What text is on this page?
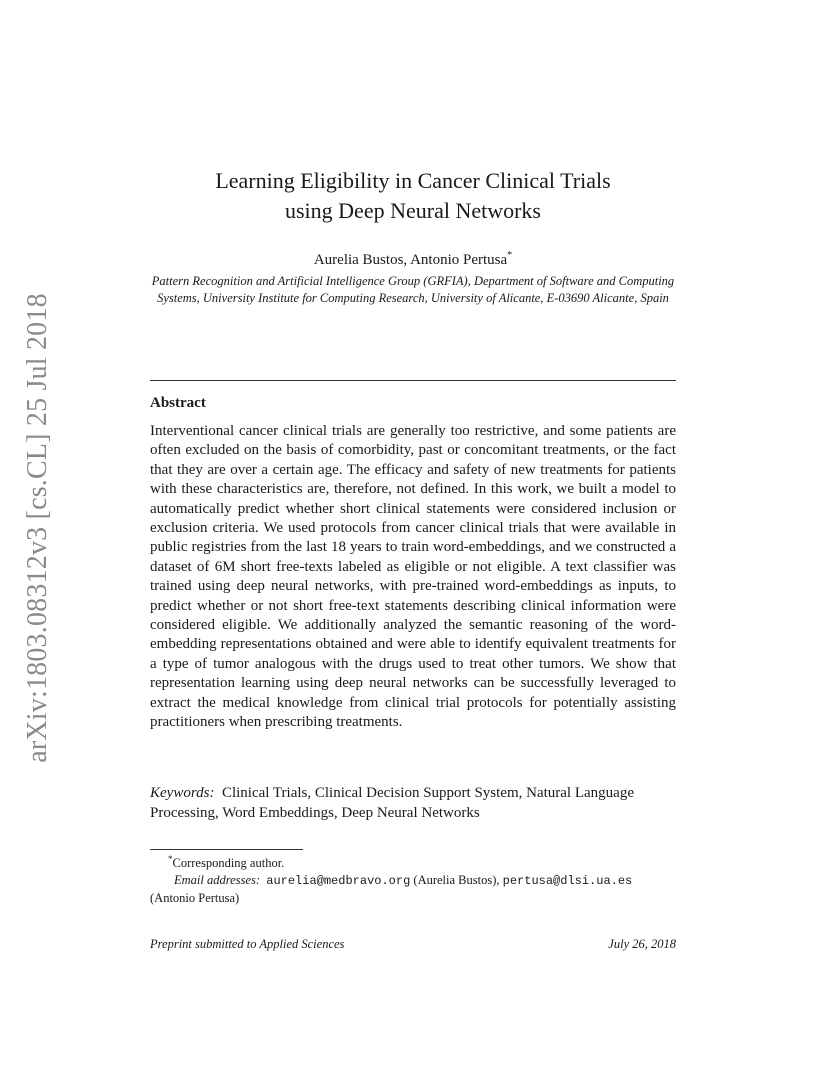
arXiv:1803.08312v3 [cs.CL] 25 Jul 2018
Learning Eligibility in Cancer Clinical Trials
using Deep Neural Networks
Aurelia Bustos, Antonio Pertusa*
Pattern Recognition and Artificial Intelligence Group (GRFIA), Department of Software and Computing Systems, University Institute for Computing Research, University of Alicante, E-03690 Alicante, Spain
Abstract
Interventional cancer clinical trials are generally too restrictive, and some patients are often excluded on the basis of comorbidity, past or concomitant treatments, or the fact that they are over a certain age. The efficacy and safety of new treatments for patients with these characteristics are, therefore, not defined. In this work, we built a model to automatically predict whether short clinical statements were considered inclusion or exclusion criteria. We used protocols from cancer clinical trials that were available in public registries from the last 18 years to train word-embeddings, and we constructed a dataset of 6M short free-texts labeled as eligible or not eligible. A text classifier was trained using deep neural networks, with pre-trained word-embeddings as inputs, to predict whether or not short free-text statements describing clinical information were considered eligible. We additionally analyzed the semantic reasoning of the word-embedding representations obtained and were able to identify equivalent treatments for a type of tumor analogous with the drugs used to treat other tumors. We show that representation learning using deep neural networks can be successfully leveraged to extract the medical knowledge from clinical trial protocols for potentially assisting practitioners when prescribing treatments.
Keywords: Clinical Trials, Clinical Decision Support System, Natural Language Processing, Word Embeddings, Deep Neural Networks
*Corresponding author.
Email addresses: aurelia@medbravo.org (Aurelia Bustos), pertusa@dlsi.ua.es
(Antonio Pertusa)
Preprint submitted to Applied Sciences	July 26, 2018
